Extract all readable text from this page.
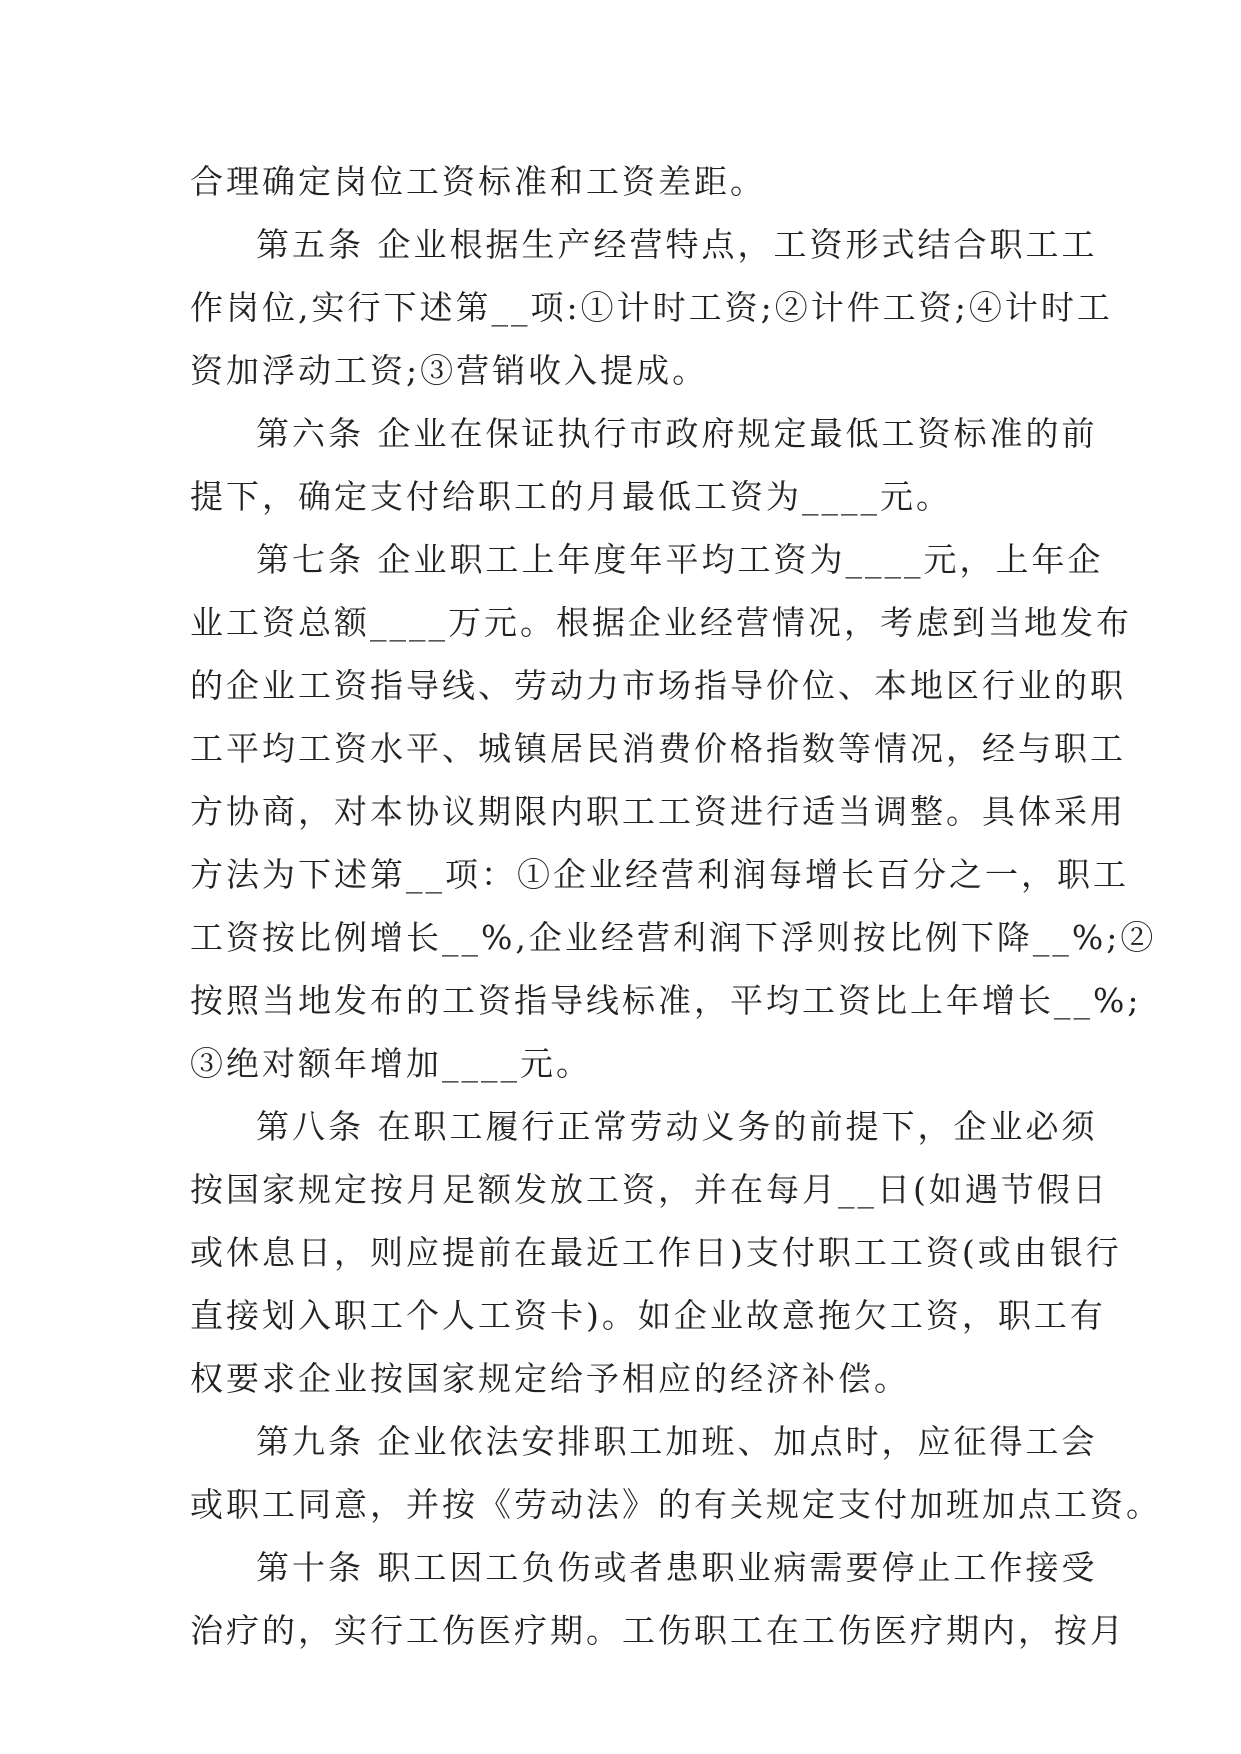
合理确定岗位工资标准和工资差距。
第五条 企业根据生产经营特点，工资形式结合职工工
作岗位,实行下述第__项:①计时工资;②计件工资;④计时工
资加浮动工资;③营销收入提成。
第六条 企业在保证执行市政府规定最低工资标准的前
提下，确定支付给职工的月最低工资为____元。
第七条 企业职工上年度年平均工资为____元，上年企
业工资总额____万元。根据企业经营情况，考虑到当地发布
的企业工资指导线、劳动力市场指导价位、本地区行业的职
工平均工资水平、城镇居民消费价格指数等情况，经与职工
方协商，对本协议期限内职工工资进行适当调整。具体采用
方法为下述第__项：①企业经营利润每增长百分之一，职工
工资按比例增长__%,企业经营利润下浮则按比例下降__%;②
按照当地发布的工资指导线标准，平均工资比上年增长__%;
③绝对额年增加____元。
第八条 在职工履行正常劳动义务的前提下，企业必须
按国家规定按月足额发放工资，并在每月__日(如遇节假日
或休息日，则应提前在最近工作日)支付职工工资(或由银行
直接划入职工个人工资卡)。如企业故意拖欠工资，职工有
权要求企业按国家规定给予相应的经济补偿。
第九条 企业依法安排职工加班、加点时，应征得工会
或职工同意，并按《劳动法》的有关规定支付加班加点工资。
第十条 职工因工负伤或者患职业病需要停止工作接受
治疗的，实行工伤医疗期。工伤职工在工伤医疗期内，按月
